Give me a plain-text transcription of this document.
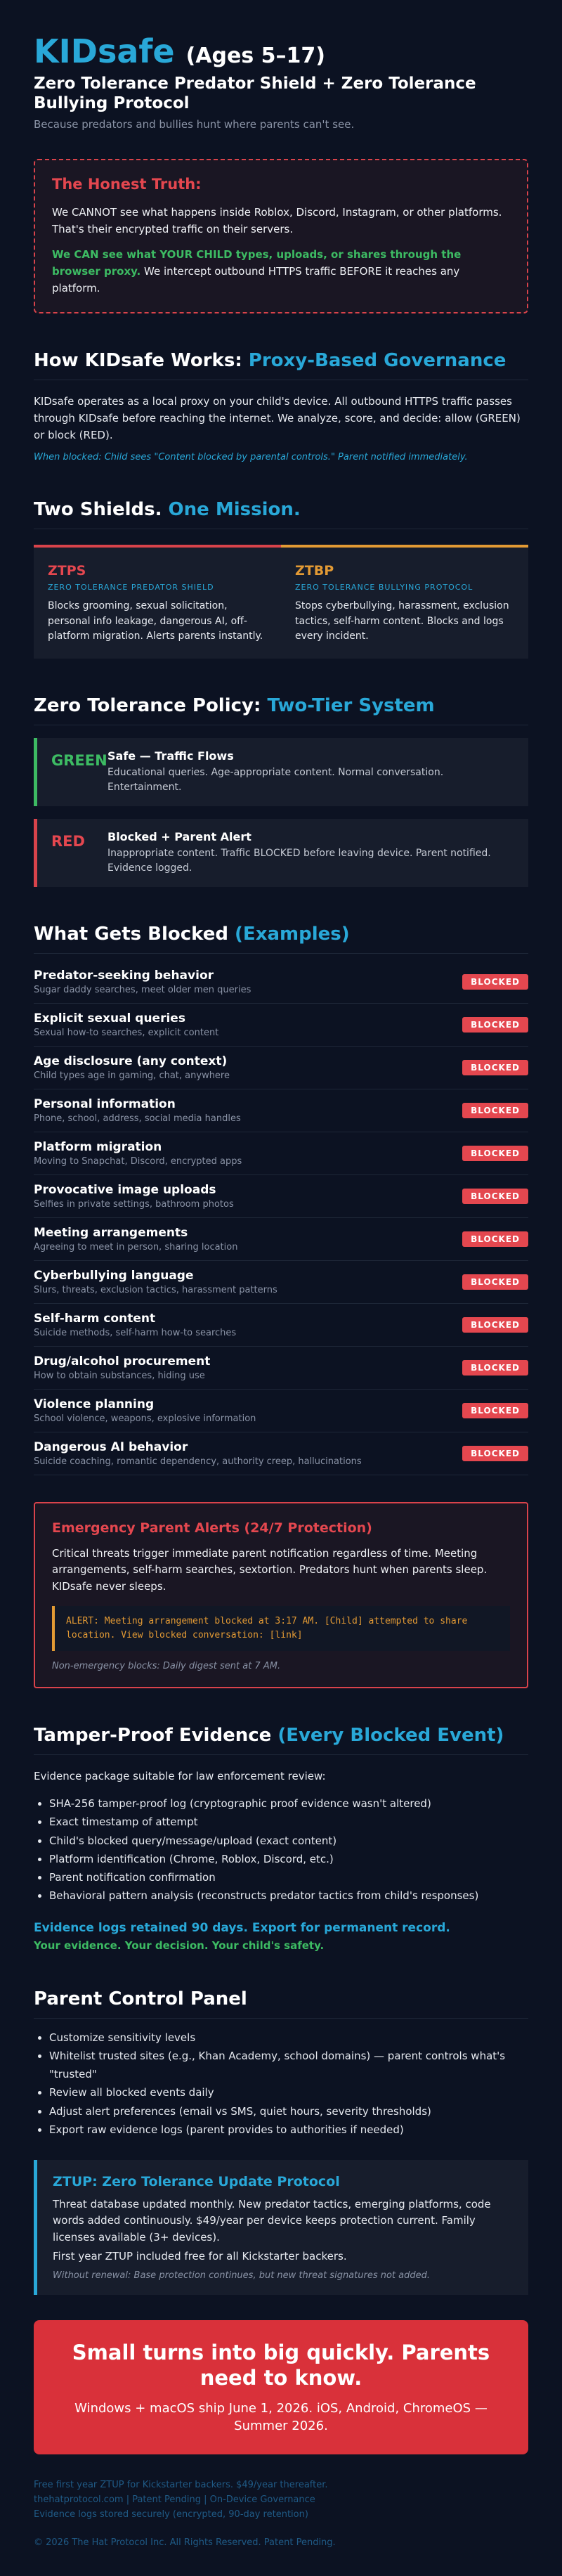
KIDsafe (Ages 5–17)
Zero Tolerance Predator Shield + Zero Tolerance Bullying Protocol
Because predators and bullies hunt where parents can't see.
The Honest Truth:

We CANNOT see what happens inside Roblox, Discord, Instagram, or other platforms. That's their encrypted traffic on their servers.

We CAN see what YOUR CHILD types, uploads, or shares through the browser proxy. We intercept outbound HTTPS traffic BEFORE it reaches any platform.

How KIDsafe Works: Proxy-Based Governance

KIDsafe operates as a local proxy on your child's device. All outbound HTTPS traffic passes through KIDsafe before reaching the internet. We analyze, score, and decide: allow (GREEN) or block (RED).

When blocked: Child sees "Content blocked by parental controls." Parent notified immediately.

Two Shields. One Mission.
ZTPS
ZERO TOLERANCE PREDATOR SHIELD
Blocks grooming, sexual solicitation, personal info leakage, dangerous AI, off-platform migration. Alerts parents instantly.
ZTBP
ZERO TOLERANCE BULLYING PROTOCOL
Stops cyberbullying, harassment, exclusion tactics, self-harm content. Blocks and logs every incident.
Zero Tolerance Policy: Two-Tier System
GREEN Safe — Traffic Flows
Educational queries. Age-appropriate content. Normal conversation. Entertainment.
RED	Blocked + Parent Alert
Inappropriate content. Traffic BLOCKED before leaving device. Parent notified. Evidence logged.
What Gets Blocked (Examples)
Predator-seeking behavior
Sugar daddy searches, meet older men queries
BLOCKED
Explicit sexual queries
Sexual how-to searches, explicit content
BLOCKED
Age disclosure (any context)
Child types age in gaming, chat, anywhere
BLOCKED
Personal information
Phone, school, address, social media handles
BLOCKED
Platform migration
Moving to Snapchat, Discord, encrypted apps
BLOCKED
Provocative image uploads
Selfies in private settings, bathroom photos
BLOCKED
Meeting arrangements
Agreeing to meet in person, sharing location
BLOCKED
Cyberbullying language
Slurs, threats, exclusion tactics, harassment patterns
BLOCKED
Self-harm content
Suicide methods, self-harm how-to searches
BLOCKED
Drug/alcohol procurement
How to obtain substances, hiding use
BLOCKED
Violence planning
School violence, weapons, explosive information
BLOCKED
Dangerous AI behavior
Suicide coaching, romantic dependency, authority creep, hallucinations
BLOCKED
Emergency Parent Alerts (24/7 Protection)

Critical threats trigger immediate parent notification regardless of time. Meeting arrangements, self-harm searches, sextortion. Predators hunt when parents sleep. KIDsafe never sleeps.

ALERT: Meeting arrangement blocked at 3:17 AM. [Child] attempted to share location. View blocked conversation: [link]
Non-emergency blocks: Daily digest sent at 7 AM.
Tamper-Proof Evidence (Every Blocked Event)

Evidence package suitable for law enforcement review:

• SHA-256 tamper-proof log (cryptographic proof evidence wasn't altered)
• Exact timestamp of attempt
• Child's blocked query/message/upload (exact content)
• Platform identification (Chrome, Roblox, Discord, etc.)
• Parent notification confirmation
• Behavioral pattern analysis (reconstructs predator tactics from child's responses)
Evidence logs retained 90 days. Export for permanent record.
Your evidence. Your decision. Your child's safety.
Parent Control Panel
• Customize sensitivity levels
• Whitelist trusted sites (e.g., Khan Academy, school domains) — parent controls what's "trusted"
• Review all blocked events daily
• Adjust alert preferences (email vs SMS, quiet hours, severity thresholds)
• Export raw evidence logs (parent provides to authorities if needed)
ZTUP: Zero Tolerance Update Protocol

Threat database updated monthly. New predator tactics, emerging platforms, code words added continuously. $49/year per device keeps protection current. Family licenses available (3+ devices).

First year ZTUP included free for all Kickstarter backers.

Without renewal: Base protection continues, but new threat signatures not added.
Small turns into big quickly. Parents need to know.
Windows + macOS ship June 1, 2026. iOS, Android, ChromeOS — Summer 2026.
Free first year ZTUP for Kickstarter backers. $49/year thereafter.
thehatprotocol.com | Patent Pending | On-Device Governance
Evidence logs stored securely (encrypted, 90-day retention)
© 2026 The Hat Protocol Inc. All Rights Reserved. Patent Pending.
